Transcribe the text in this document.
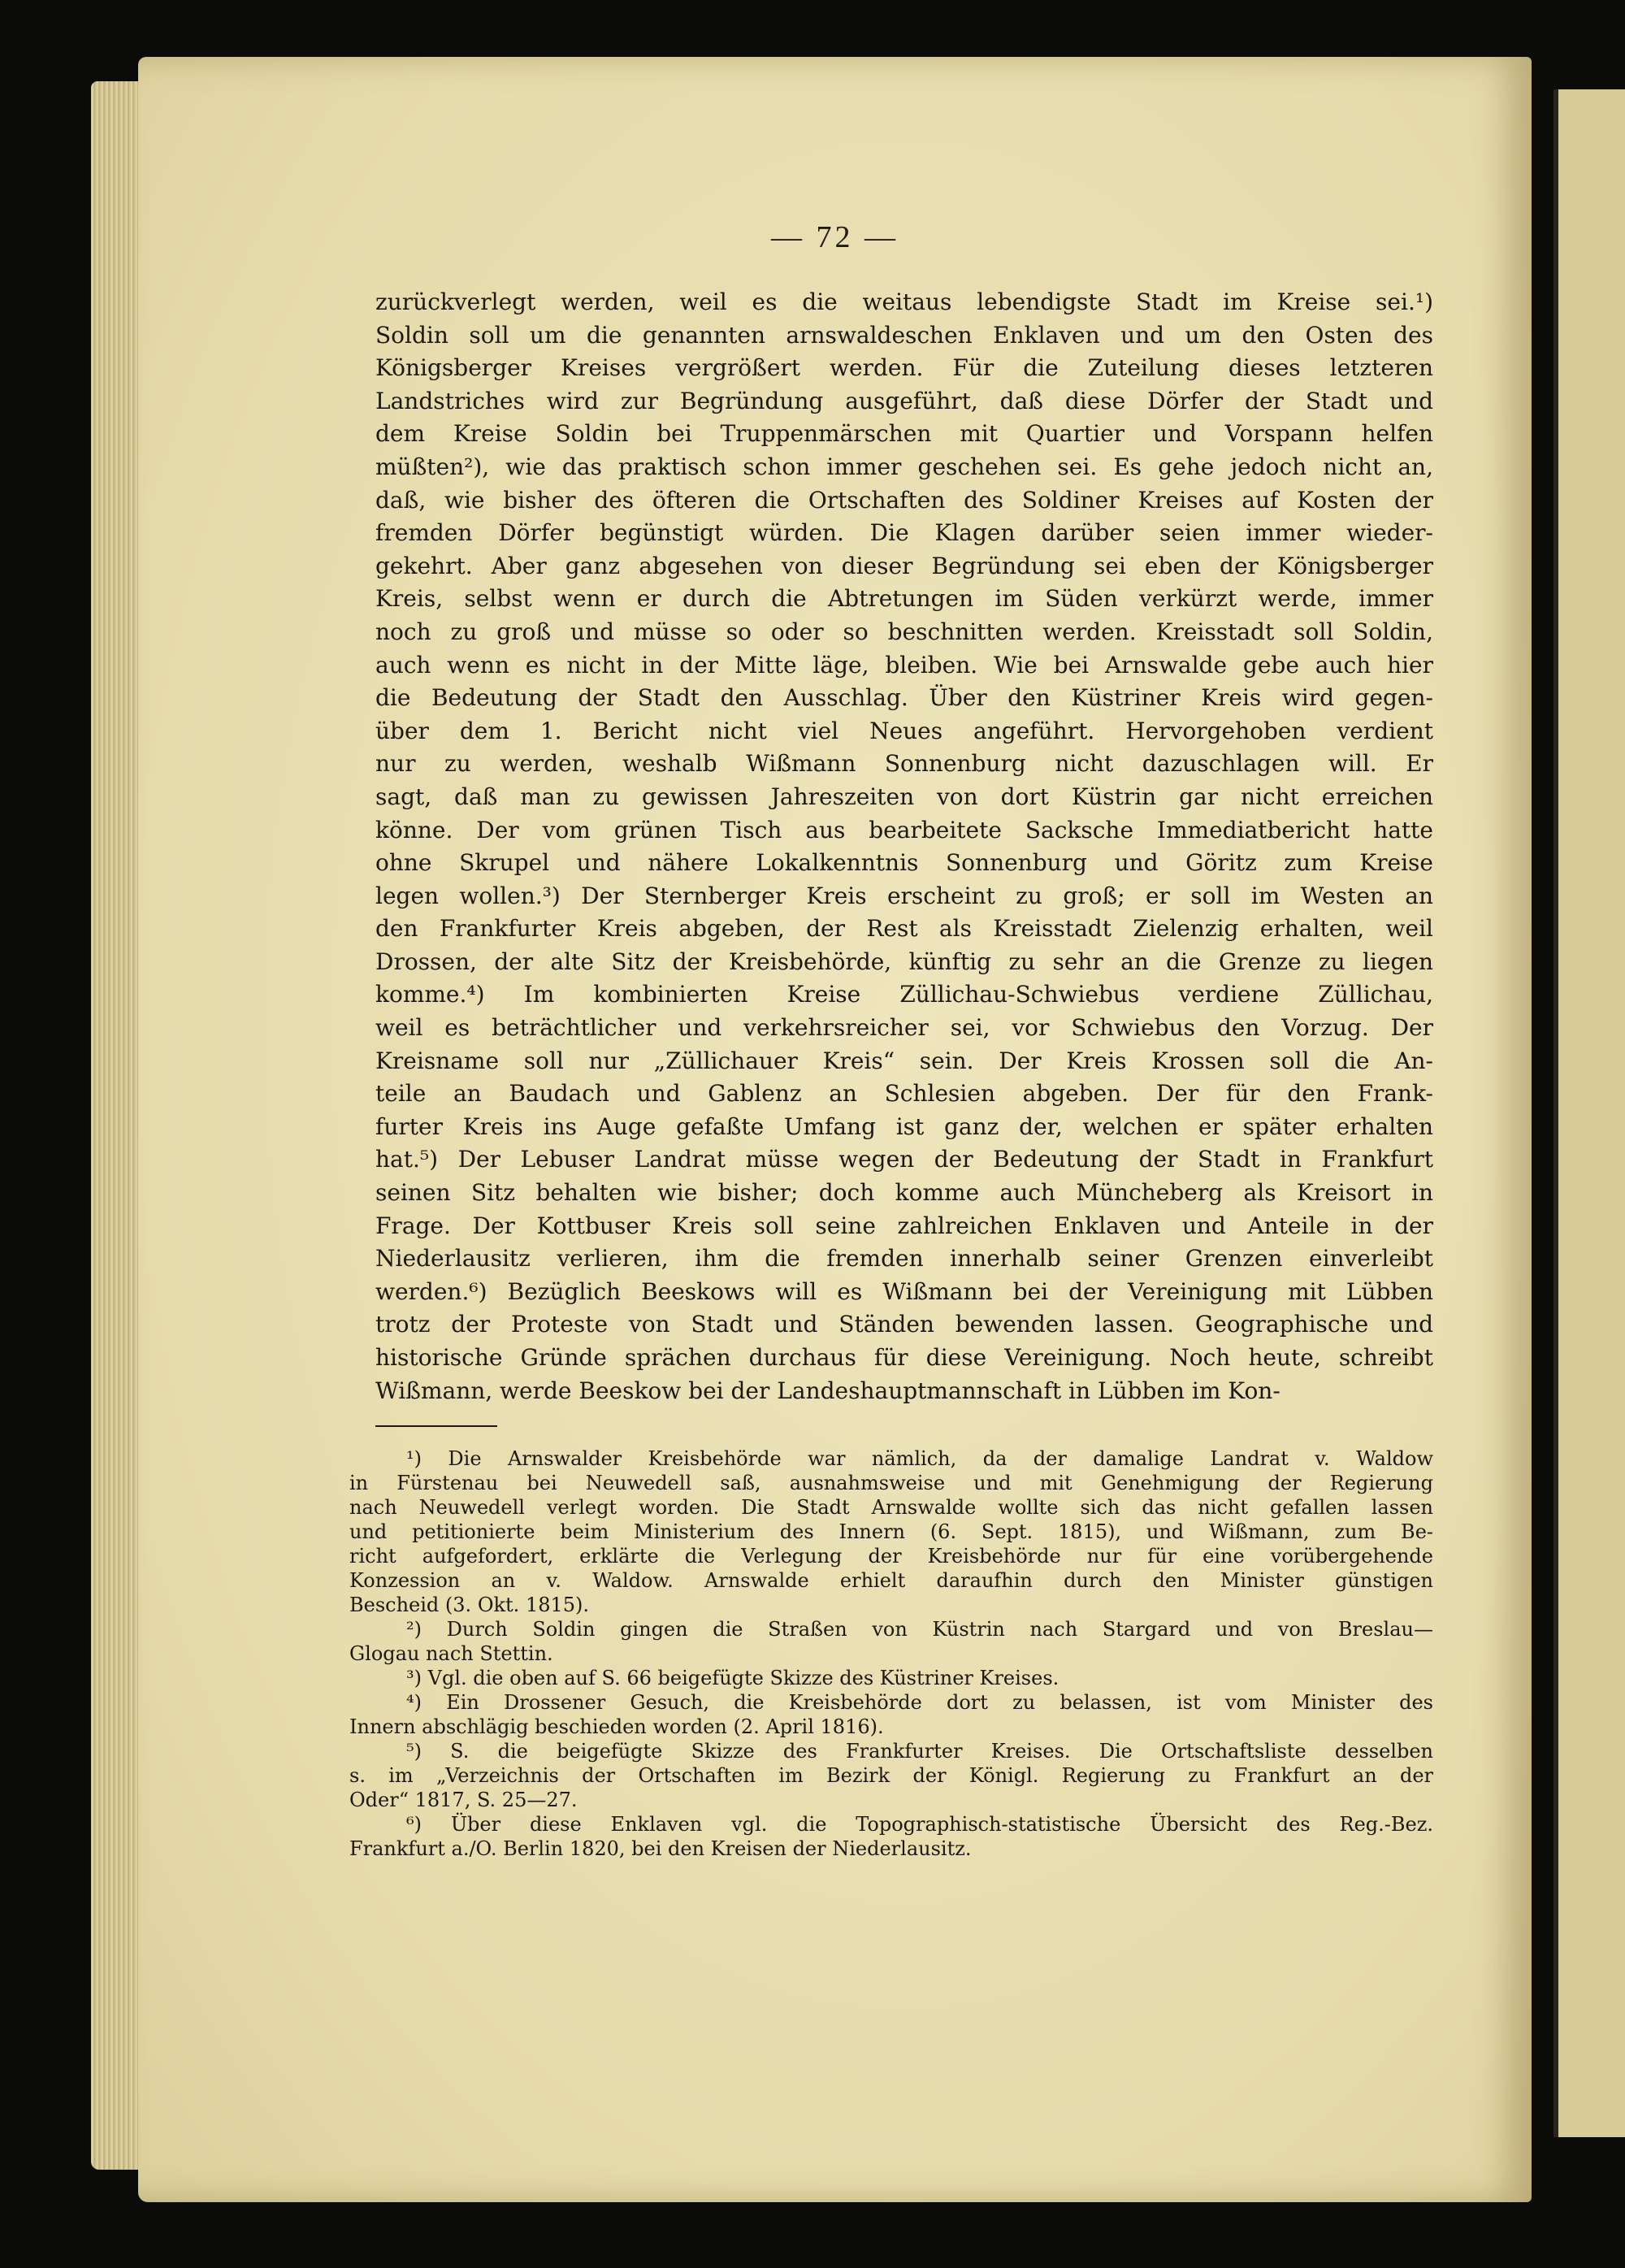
— 72 —
zurückverlegt werden, weil es die weitaus lebendigste Stadt im Kreise sei.¹)
Soldin soll um die genannten arnswaldeschen Enklaven und um den Osten des
Königsberger Kreises vergrößert werden. Für die Zuteilung dieses letzteren
Landstriches wird zur Begründung ausgeführt, daß diese Dörfer der Stadt und
dem Kreise Soldin bei Truppenmärschen mit Quartier und Vorspann helfen
müßten²), wie das praktisch schon immer geschehen sei. Es gehe jedoch nicht an,
daß, wie bisher des öfteren die Ortschaften des Soldiner Kreises auf Kosten der
fremden Dörfer begünstigt würden. Die Klagen darüber seien immer wieder-
gekehrt. Aber ganz abgesehen von dieser Begründung sei eben der Königsberger
Kreis, selbst wenn er durch die Abtretungen im Süden verkürzt werde, immer
noch zu groß und müsse so oder so beschnitten werden. Kreisstadt soll Soldin,
auch wenn es nicht in der Mitte läge, bleiben. Wie bei Arnswalde gebe auch hier
die Bedeutung der Stadt den Ausschlag. Über den Küstriner Kreis wird gegen-
über dem 1. Bericht nicht viel Neues angeführt. Hervorgehoben verdient
nur zu werden, weshalb Wißmann Sonnenburg nicht dazuschlagen will. Er
sagt, daß man zu gewissen Jahreszeiten von dort Küstrin gar nicht erreichen
könne. Der vom grünen Tisch aus bearbeitete Sacksche Immediatbericht hatte
ohne Skrupel und nähere Lokalkenntnis Sonnenburg und Göritz zum Kreise
legen wollen.³) Der Sternberger Kreis erscheint zu groß; er soll im Westen an
den Frankfurter Kreis abgeben, der Rest als Kreisstadt Zielenzig erhalten, weil
Drossen, der alte Sitz der Kreisbehörde, künftig zu sehr an die Grenze zu liegen
komme.⁴) Im kombinierten Kreise Züllichau-Schwiebus verdiene Züllichau,
weil es beträchtlicher und verkehrsreicher sei, vor Schwiebus den Vorzug. Der
Kreisname soll nur „Züllichauer Kreis“ sein. Der Kreis Krossen soll die An-
teile an Baudach und Gablenz an Schlesien abgeben. Der für den Frank-
furter Kreis ins Auge gefaßte Umfang ist ganz der, welchen er später erhalten
hat.⁵) Der Lebuser Landrat müsse wegen der Bedeutung der Stadt in Frankfurt
seinen Sitz behalten wie bisher; doch komme auch Müncheberg als Kreisort in
Frage. Der Kottbuser Kreis soll seine zahlreichen Enklaven und Anteile in der
Niederlausitz verlieren, ihm die fremden innerhalb seiner Grenzen einverleibt
werden.⁶) Bezüglich Beeskows will es Wißmann bei der Vereinigung mit Lübben
trotz der Proteste von Stadt und Ständen bewenden lassen. Geographische und
historische Gründe sprächen durchaus für diese Vereinigung. Noch heute, schreibt
Wißmann, werde Beeskow bei der Landeshauptmannschaft in Lübben im Kon-
¹) Die Arnswalder Kreisbehörde war nämlich, da der damalige Landrat v. Waldow
in Fürstenau bei Neuwedell saß, ausnahmsweise und mit Genehmigung der Regierung
nach Neuwedell verlegt worden. Die Stadt Arnswalde wollte sich das nicht gefallen lassen
und petitionierte beim Ministerium des Innern (6. Sept. 1815), und Wißmann, zum Be-
richt aufgefordert, erklärte die Verlegung der Kreisbehörde nur für eine vorübergehende
Konzession an v. Waldow. Arnswalde erhielt daraufhin durch den Minister günstigen
Bescheid (3. Okt. 1815).
²) Durch Soldin gingen die Straßen von Küstrin nach Stargard und von Breslau—
Glogau nach Stettin.
³) Vgl. die oben auf S. 66 beigefügte Skizze des Küstriner Kreises.
⁴) Ein Drossener Gesuch, die Kreisbehörde dort zu belassen, ist vom Minister des
Innern abschlägig beschieden worden (2. April 1816).
⁵) S. die beigefügte Skizze des Frankfurter Kreises. Die Ortschaftsliste desselben
s. im „Verzeichnis der Ortschaften im Bezirk der Königl. Regierung zu Frankfurt an der
Oder“ 1817, S. 25—27.
⁶) Über diese Enklaven vgl. die Topographisch-statistische Übersicht des Reg.-Bez.
Frankfurt a./O. Berlin 1820, bei den Kreisen der Niederlausitz.
